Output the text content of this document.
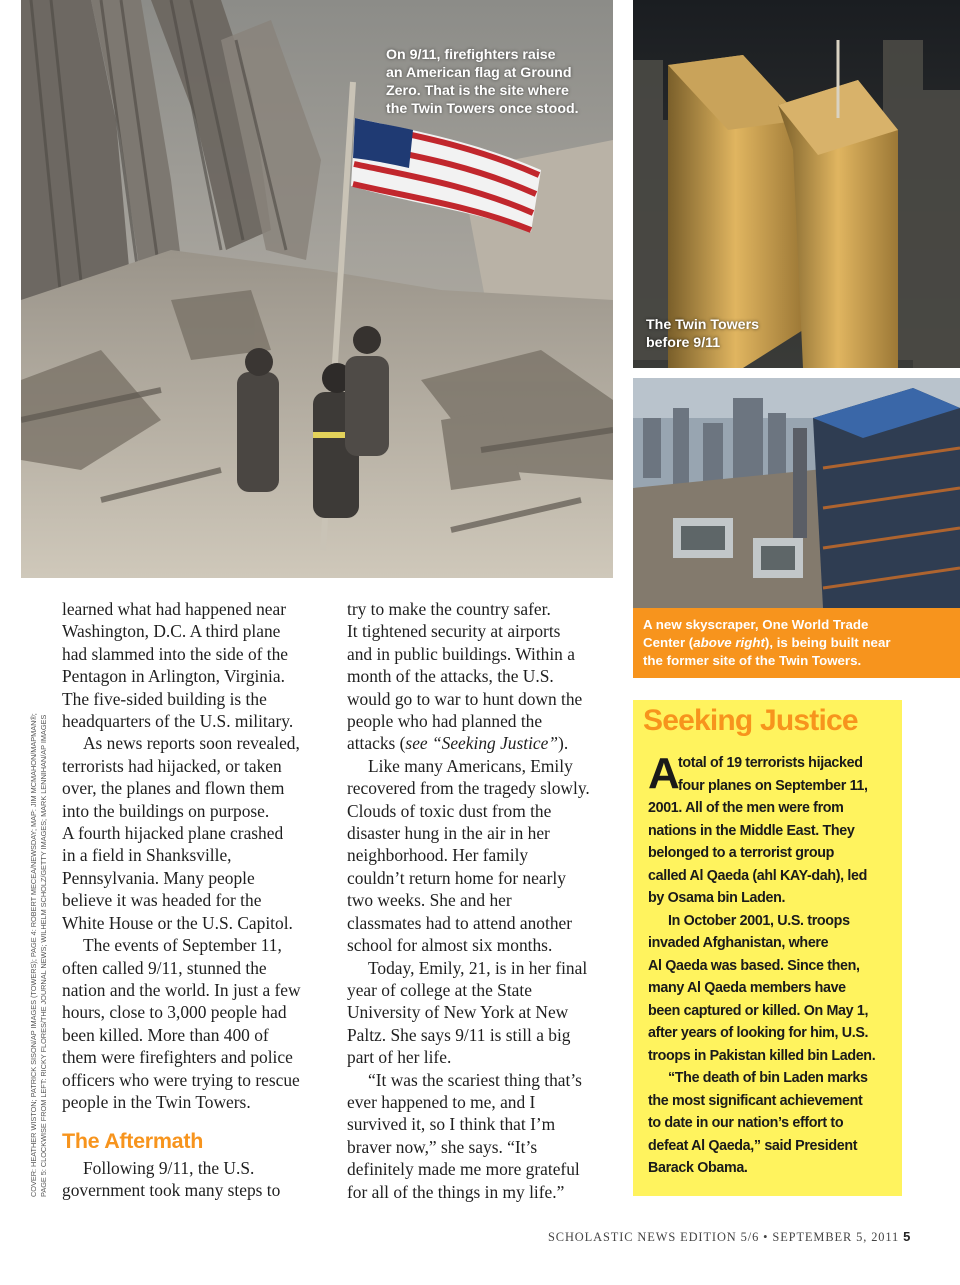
On 9/11, firefighters raise
an American flag at Ground
Zero. That is the site where
the Twin Towers once stood.
The Twin Towers
before 9/11
A new skyscraper, One World Trade
Center (above right), is being built near
the former site of the Twin Towers.
learned what had happened near
Washington, D.C. A third plane
had slammed into the side of the
Pentagon in Arlington, Virginia.
The five-sided building is the
headquarters of the U.S. military.
As news reports soon revealed,
terrorists had hijacked, or taken
over, the planes and flown them
into the buildings on purpose.
A fourth hijacked plane crashed
in a field in Shanksville,
Pennsylvania. Many people
believe it was headed for the
White House or the U.S. Capitol.
The events of September 11,
often called 9/11, stunned the
nation and the world. In just a few
hours, close to 3,000 people had
been killed. More than 400 of
them were firefighters and police
officers who were trying to rescue
people in the Twin Towers.
The Aftermath
Following 9/11, the U.S.
government took many steps to
try to make the country safer.
It tightened security at airports
and in public buildings. Within a
month of the attacks, the U.S.
would go to war to hunt down the
people who had planned the
attacks (see “Seeking Justice”).
Like many Americans, Emily
recovered from the tragedy slowly.
Clouds of toxic dust from the
disaster hung in the air in her
neighborhood. Her family
couldn’t return home for nearly
two weeks. She and her
classmates had to attend another
school for almost six months.
Today, Emily, 21, is in her final
year of college at the State
University of New York at New
Paltz. She says 9/11 is still a big
part of her life.
“It was the scariest thing that’s
ever happened to me, and I
survived it, so I think that I’m
braver now,” she says. “It’s
definitely made me more grateful
for all of the things in my life.”
COVER: HEATHER WISTON; PATRICK SISON/AP IMAGES (TOWERS); PAGE 4: ROBERT MECEA/NEWSDAY; MAP: JIM MCMAHON/MAPMAN®; PAGE 5: CLOCKWISE FROM LEFT: RICKY FLORES/THE JOURNAL NEWS; WILHELM SCHOLZ/GETTY IMAGES; MARK LENNIHAN/AP IMAGES	Seeking Justice
A
total of 19 terrorists hijacked
four planes on September 11,
2001. All of the men were from
nations in the Middle East. They
belonged to a terrorist group
called Al Qaeda (ahl KAY-dah), led
by Osama bin Laden.
In October 2001, U.S. troops
invaded Afghanistan, where
Al Qaeda was based. Since then,
many Al Qaeda members have
been captured or killed. On May 1,
after years of looking for him, U.S.
troops in Pakistan killed bin Laden.
“The death of bin Laden marks
the most significant achievement
to date in our nation’s effort to
defeat Al Qaeda,” said President
Barack Obama.
SCHOLASTIC NEWS EDITION 5/6 • SEPTEMBER 5, 2011 5
